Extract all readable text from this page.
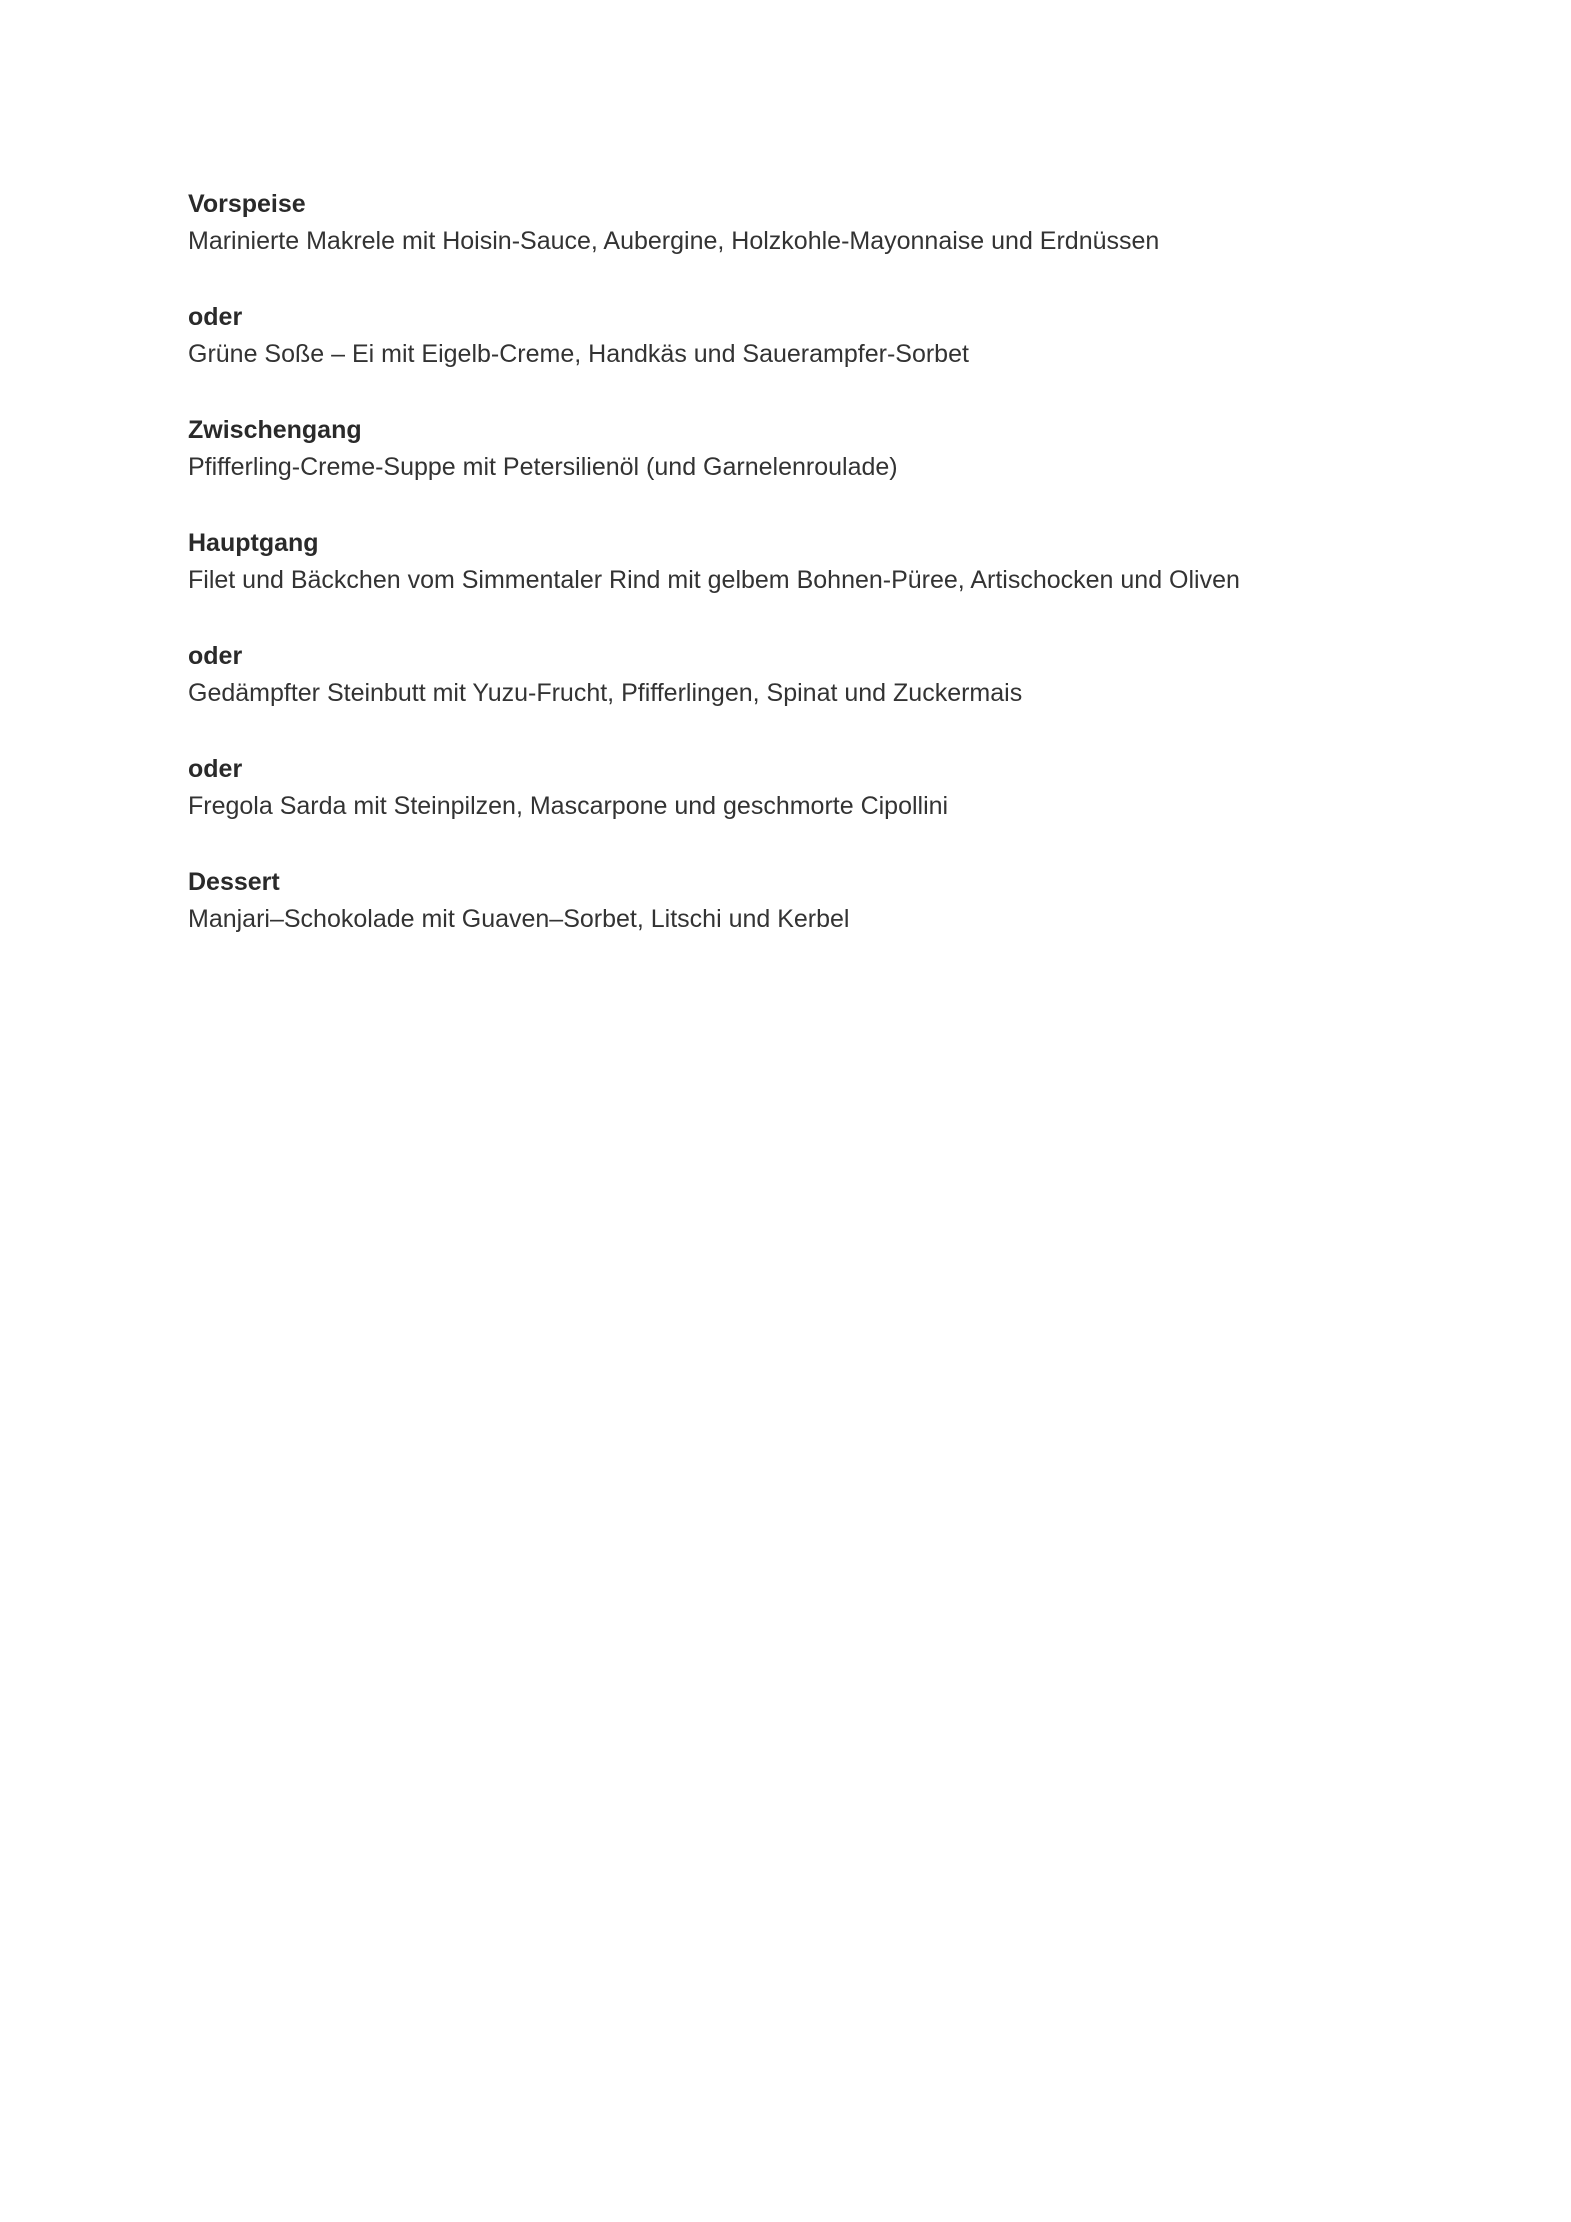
Vorspeise
Marinierte Makrele mit Hoisin-Sauce, Aubergine, Holzkohle-Mayonnaise und Erdnüssen
oder
Grüne Soße – Ei mit Eigelb-Creme, Handkäs und Sauerampfer-Sorbet
Zwischengang
Pfifferling-Creme-Suppe mit Petersilienöl (und Garnelenroulade)
Hauptgang
Filet und Bäckchen vom Simmentaler Rind mit gelbem Bohnen-Püree, Artischocken und Oliven
oder
Gedämpfter Steinbutt mit Yuzu-Frucht, Pfifferlingen, Spinat und Zuckermais
oder
Fregola Sarda mit Steinpilzen, Mascarpone und geschmorte Cipollini
Dessert
Manjari–Schokolade mit Guaven–Sorbet, Litschi und Kerbel
